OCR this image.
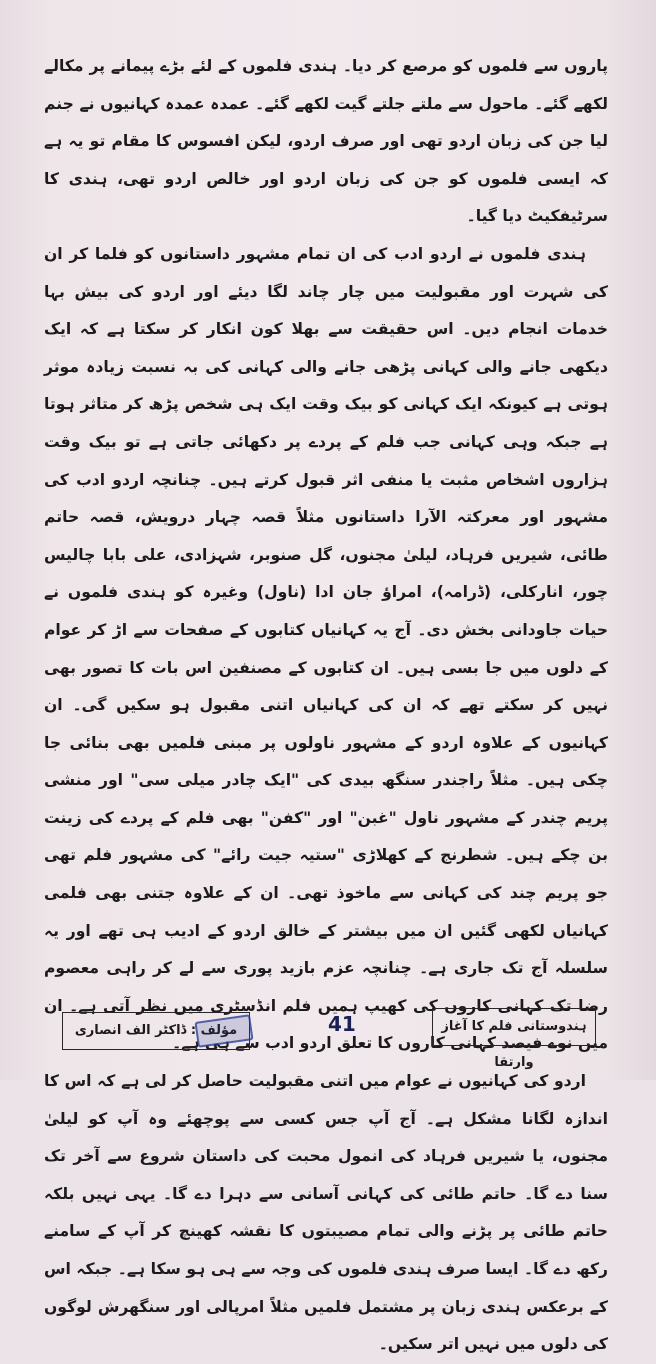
پاروں سے فلموں کو مرصع کر دیا۔ ہندی فلموں کے لئے بڑے پیمانے پر مکالے لکھے گئے۔ ماحول سے ملتے جلتے گیت لکھے گئے۔ عمدہ عمدہ کہانیوں نے جنم لیا جن کی زبان اردو تھی اور صرف اردو، لیکن افسوس کا مقام تو یہ ہے کہ ایسی فلموں کو جن کی زبان اردو اور خالص اردو تھی، ہندی کا سرٹیفکیٹ دیا گیا۔

ہندی فلموں نے اردو ادب کی ان تمام مشہور داستانوں کو فلما کر ان کی شہرت اور مقبولیت میں چار چاند لگا دیئے اور اردو کی بیش بہا خدمات انجام دیں۔ اس حقیقت سے بھلا کون انکار کر سکتا ہے کہ ایک دیکھی جانے والی کہانی پڑھی جانے والی کہانی کی بہ نسبت زیادہ موثر ہوتی ہے کیونکہ ایک کہانی کو بیک وقت ایک ہی شخص پڑھ کر متاثر ہوتا ہے جبکہ وہی کہانی جب فلم کے پردے پر دکھائی جاتی ہے تو بیک وقت ہزاروں اشخاص مثبت یا منفی اثر قبول کرتے ہیں۔ چنانچہ اردو ادب کی مشہور اور معرکتہ الآرا داستانوں مثلاً قصہ چہار درویش، قصہ حاتم طائی، شیریں فرہاد، لیلیٰ مجنوں، گل صنوبر، شہزادی، علی بابا چالیس چور، انارکلی، (ڈرامہ)، امراؤ جان ادا (ناول) وغیرہ کو ہندی فلموں نے حیات جاودانی بخش دی۔ آج یہ کہانیاں کتابوں کے صفحات سے اڑ کر عوام کے دلوں میں جا بسی ہیں۔ ان کتابوں کے مصنفین اس بات کا تصور بھی نہیں کر سکتے تھے کہ ان کی کہانیاں اتنی مقبول ہو سکیں گی۔ ان کہانیوں کے علاوہ اردو کے مشہور ناولوں پر مبنی فلمیں بھی بنائی جا چکی ہیں۔ مثلاً راجندر سنگھ بیدی کی "ایک چادر میلی سی" اور منشی پریم چندر کے مشہور ناول "غبن" اور "کفن" بھی فلم کے پردے کی زینت بن چکے ہیں۔ شطرنج کے کھلاڑی "ستیہ جیت رائے" کی مشہور فلم تھی جو پریم چند کی کہانی سے ماخوذ تھی۔ ان کے علاوہ جتنی بھی فلمی کہانیاں لکھی گئیں ان میں بیشتر کے خالق اردو کے ادیب ہی تھے اور یہ سلسلہ آج تک جاری ہے۔ چنانچہ عزم بازید پوری سے لے کر راہی معصوم رضا تک کہانی کاروں کی کھیپ ہمیں فلم انڈسٹری میں نظر آتی ہے۔ ان میں نوے فیصد کہانی کاروں کا تعلق اردو ادب سے ہی ہے۔

اردو کی کہانیوں نے عوام میں اتنی مقبولیت حاصل کر لی ہے کہ اس کا اندازہ لگانا مشکل ہے۔ آج آپ جس کسی سے پوچھئے وہ آپ کو لیلیٰ مجنوں، یا شیریں فرہاد کی انمول محبت کی داستان شروع سے آخر تک سنا دے گا۔ حاتم طائی کی کہانی آسانی سے دہرا دے گا۔ یہی نہیں بلکہ حاتم طائی پر پڑنے والی تمام مصیبتوں کا نقشہ کھینچ کر آپ کے سامنے رکھ دے گا۔ ایسا صرف ہندی فلموں کی وجہ سے ہی ہو سکا ہے۔ جبکہ اس کے برعکس ہندی زبان پر مشتمل فلمیں مثلاً امرپالی اور سنگھرش لوگوں کی دلوں میں نہیں اتر سکیں۔

ہندوستانی فلم کا آغاز وارتقا
41
مؤلف : ڈاکٹر الف انصاری
